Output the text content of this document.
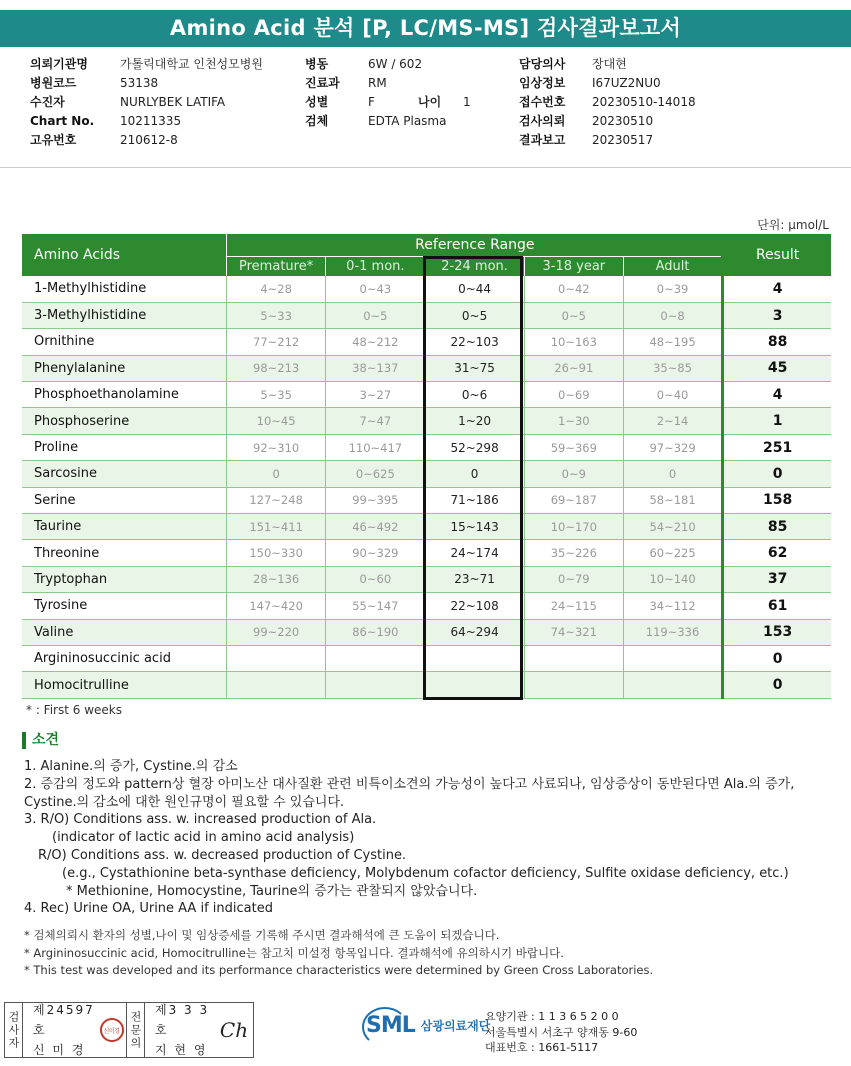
Amino Acid 분석 [P, LC/MS-MS] 검사결과보고서
의뢰기관명	가톨릭대학교 인천성모병원
병원코드	53138
수진자	NURLYBEK LATIFA
Chart No.	10211335
고유번호	210612-8
병동	6W / 602
진료과	RM
성별	F	나이	1
검체	EDTA Plasma
담당의사	장대현
임상정보	I67UZ2NU0
접수번호	20230510-14018
검사의뢰	20230510
결과보고	20230517
단위: μmol/L
Amino Acids	Reference Range					Result
	Premature*	0-1 mon.	2-24 mon.	3-18 year	Adult	
1-Methylhistidine	4~28	0~43	0~44	0~42	0~39	4
3-Methylhistidine	5~33	0~5	0~5	0~5	0~8	3
Ornithine	77~212	48~212	22~103	10~163	48~195	88
Phenylalanine	98~213	38~137	31~75	26~91	35~85	45
Phosphoethanolamine	5~35	3~27	0~6	0~69	0~40	4
Phosphoserine	10~45	7~47	1~20	1~30	2~14	1
Proline	92~310	110~417	52~298	59~369	97~329	251
Sarcosine	0	0~625	0	0~9	0	0
Serine	127~248	99~395	71~186	69~187	58~181	158
Taurine	151~411	46~492	15~143	10~170	54~210	85
Threonine	150~330	90~329	24~174	35~226	60~225	62
Tryptophan	28~136	0~60	23~71	0~79	10~140	37
Tyrosine	147~420	55~147	22~108	24~115	34~112	61
Valine	99~220	86~190	64~294	74~321	119~336	153
Argininosuccinic acid						0
Homocitrulline						0
* : First 6 weeks
소견
1. Alanine.의 증가, Cystine.의 감소
2. 증감의 정도와 pattern상 혈장 아미노산 대사질환 관련 비특이소견의 가능성이 높다고 사료되나, 임상증상이 동반된다면 Ala.의 증가,
Cystine.의 감소에 대한 원인규명이 필요할 수 있습니다.
3. R/O) Conditions ass. w. increased production of Ala.
(indicator of lactic acid in amino acid analysis)
R/O) Conditions ass. w. decreased production of Cystine.
(e.g., Cystathionine beta-synthase deficiency, Molybdenum cofactor deficiency, Sulfite oxidase deficiency, etc.)
* Methionine, Homocystine, Taurine의 증가는 관찰되지 않았습니다.
4. Rec) Urine OA, Urine AA if indicated
* 검체의뢰시 환자의 성별,나이 및 임상증세를 기록해 주시면 결과해석에 큰 도움이 되겠습니다.
* Argininosuccinic acid, Homocitrulline는 참고치 미설정 항목입니다. 결과해석에 유의하시기 바랍니다.
* This test was developed and its performance characteristics were determined by Green Cross Laboratories.
검사자
제24597호
신 미 경
신미경 전문의
제3 3 3 호
지 현 영
Ch	SML 삼광의료재단
요양기관 : 1 1 3 6 5 2 0 0
서울특별시 서초구 양재동 9-60
대표번호 : 1661-5117
